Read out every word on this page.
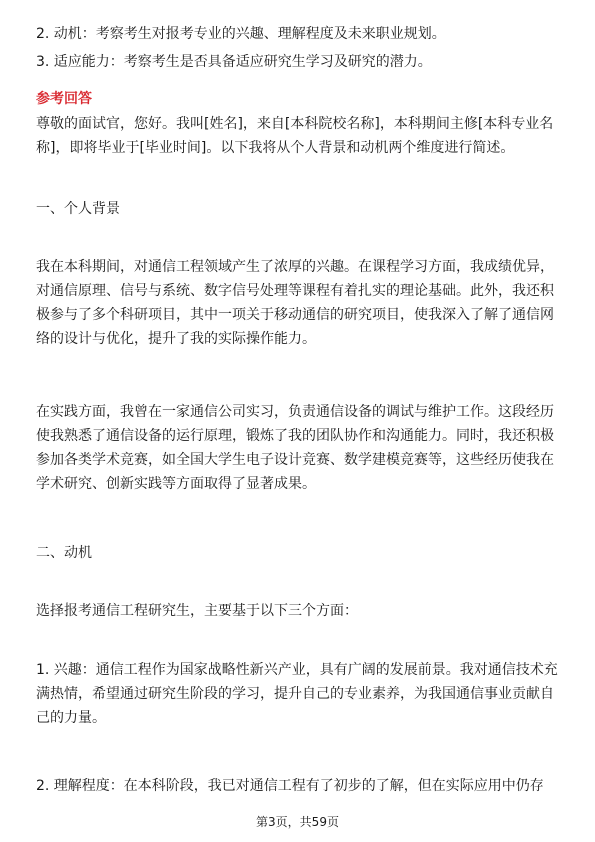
2. 动机：考察考生对报考专业的兴趣、理解程度及未来职业规划。

3. 适应能力：考察考生是否具备适应研究生学习及研究的潜力。

参考回答

尊敬的面试官，您好。我叫[姓名]，来自[本科院校名称]，本科期间主修[本科专业名称]，即将毕业于[毕业时间]。以下我将从个人背景和动机两个维度进行简述。

一、个人背景

我在本科期间，对通信工程领域产生了浓厚的兴趣。在课程学习方面，我成绩优异，对通信原理、信号与系统、数字信号处理等课程有着扎实的理论基础。此外，我还积极参与了多个科研项目，其中一项关于移动通信的研究项目，使我深入了解了通信网络的设计与优化，提升了我的实际操作能力。

在实践方面，我曾在一家通信公司实习，负责通信设备的调试与维护工作。这段经历使我熟悉了通信设备的运行原理，锻炼了我的团队协作和沟通能力。同时，我还积极参加各类学术竞赛，如全国大学生电子设计竞赛、数学建模竞赛等，这些经历使我在学术研究、创新实践等方面取得了显著成果。

二、动机

选择报考通信工程研究生，主要基于以下三个方面：

1. 兴趣：通信工程作为国家战略性新兴产业，具有广阔的发展前景。我对通信技术充满热情，希望通过研究生阶段的学习，提升自己的专业素养，为我国通信事业贡献自己的力量。

2. 理解程度：在本科阶段，我已对通信工程有了初步的了解，但在实际应用中仍存

第3页，共59页
